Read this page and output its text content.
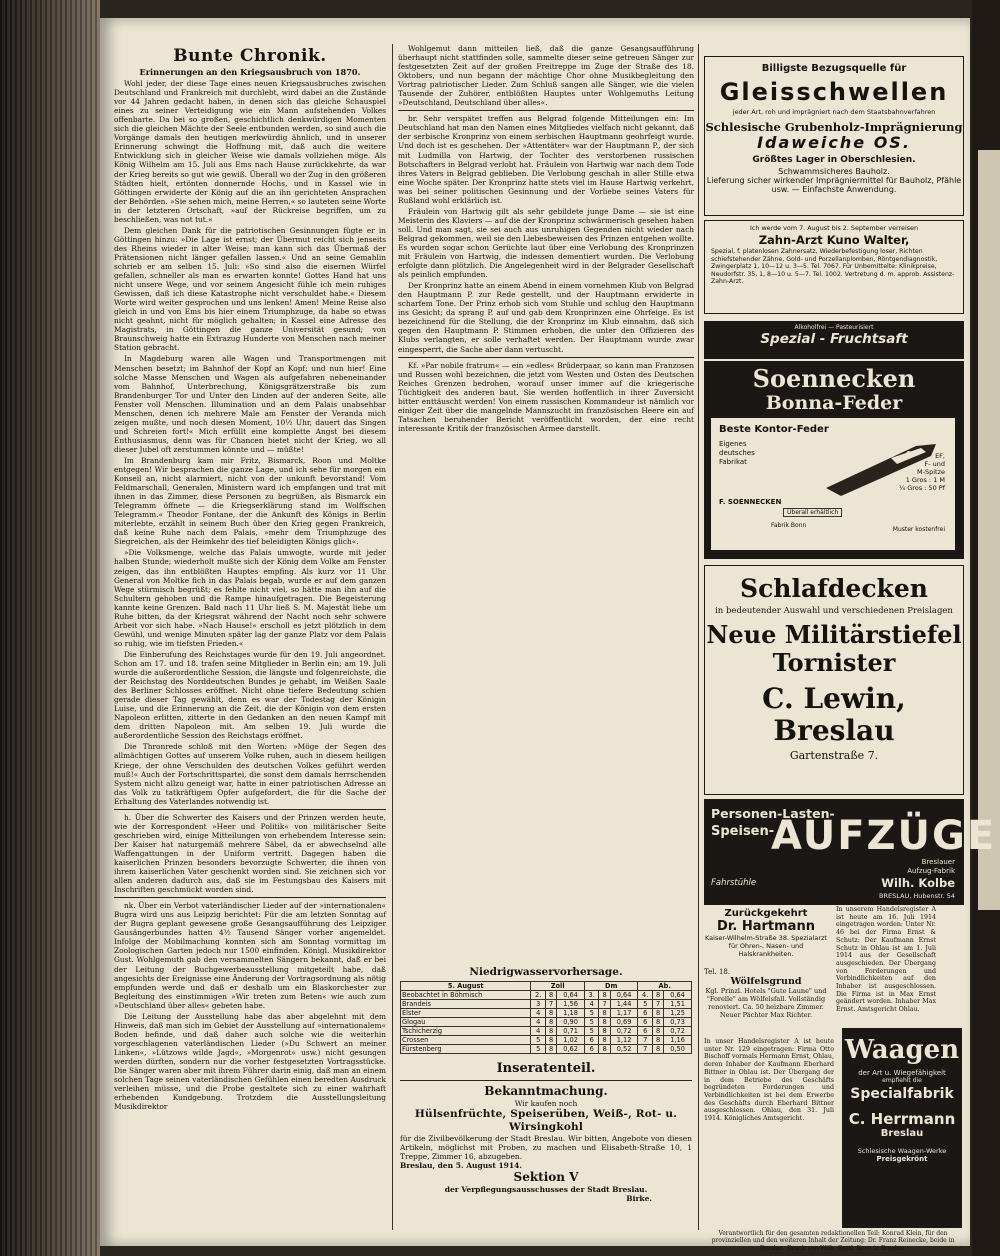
Bunte Chronik.
Erinnerungen an den Kriegsausbruch von 1870.

Wohl jeder, der diese Tage eines neuen Kriegsausbruches zwischen Deutschland und Frankreich mit durchlebt, wird dabei an die Zustände vor 44 Jahren gedacht haben, in denen sich das gleiche Schauspiel eines zu seiner Verteidigung wie ein Mann aufstehenden Volkes offenbarte. Da bei so großen, geschichtlich denkwürdigen Momenten sich die gleichen Mächte der Seele entbunden werden, so sind auch die Vorgänge damals den heutigen merkwürdig ähnlich, und in unserer Erinnerung schwingt die Hoffnung mit, daß auch die weitere Entwicklung sich in gleicher Weise wie damals vollziehen möge. Als König Wilhelm am 15. Juli aus Ems nach Hause zurückkehrte, da war der Krieg bereits so gut wie gewiß. Überall wo der Zug in den größeren Städten hielt, ertönten donnernde Hochs, und in Kassel wie in Göttingen erwiderte der König auf die an ihn gerichteten Ansprachen der Behörden. »Sie sehen mich, meine Herren,« so lauteten seine Worte in der letzteren Ortschaft, »auf der Rückreise begriffen, um zu beschließen, was not tut.«

Dem gleichen Dank für die patriotischen Gesinnungen fügte er in Göttingen hinzu: »Die Lage ist ernst; der Übermut reicht sich jenseits des Rheins wieder in alter Weise; man kann sich das Übermaß der Prätensionen nicht länger gefallen lassen.« Und an seine Gemahlin schrieb er am selben 15. Juli: »So sind also die eisernen Würfel gefallen, schneller als man es erwarten konnte! Gottes Hand hat uns nicht unsere Wege, und vor seinem Angesicht fühle ich mein ruhiges Gewissen, daß ich diese Katastrophe nicht verschuldet habe.« Diesem Worte wird weiter gesprochen und uns lenken! Amen! Meine Reise also gleich in und von Ems bis hier einem Triumphzuge, da habe so etwas nicht geahnt, nicht für möglich gehalten; in Kassel eine Adresse des Magistrats, in Göttingen die ganze Universität gesund; von Braunschweig hatte ein Extrazug Hunderte von Menschen nach meiner Station gebracht.

In Magdeburg waren alle Wagen und Transportmengen mit Menschen besetzt; im Bahnhof der Kopf an Kopf; und nun hier! Eine solche Masse Menschen und Wagen als aufgefahren nebeneinander vom Bahnhof, Unterbrechung, Königsgrätzerstraße bis zum Brandenburger Tor und Unter den Linden auf der anderen Seite, alle Fenster voll Menschen. Illumination und an dem Palais unabsehbar Menschen, denen ich mehrere Male am Fenster der Veranda mich zeigen mußte, und noch diesen Moment, 10½ Uhr, dauert das Singen und Schreien fort!« Mich erfüllt eine komplette Angst bei diesem Enthusiasmus, denn was für Chancen bietet nicht der Krieg, wo all dieser Jubel oft zerstummen könnte und — müßte!

Im Brandenburg kam mir Fritz, Bismarck, Roon und Moltke entgegen! Wir besprachen die ganze Lage, und ich sehe für morgen ein Konseil an, nicht alarmiert, nicht von der unkunft bevorstand! Vom Feldmarschall, Generalen, Ministern ward ich empfangen und trat mit ihnen in das Zimmer, diese Personen zu begrüßen, als Bismarck ein Telegramm öffnete — die Kriegserklärung stand im Wolffschen Telegramm.« Theodor Fontane, der die Ankunft des Königs in Berlin miterlebte, erzählt in seinem Buch über den Krieg gegen Frankreich, daß keine Ruhe nach dem Palais, »mehr dem Triumphzuge des Siegreichen, als der Heimkehr des tief beleidigten Königs glich«.

»Die Volksmenge, welche das Palais umwogte, wurde mit jeder halben Stunde; wiederholt mußte sich der König dem Volke am Fenster zeigen, das ihn entblößten Hauptes empfing. Als kurz vor 11 Uhr General von Moltke fich in das Palais begab, wurde er auf dem ganzen Wege stürmisch begrüßt; es fehlte nicht viel, so hätte man ihn auf die Schultern gehoben und die Rampe hinaufgetragen. Die Begeisterung kannte keine Grenzen. Bald nach 11 Uhr ließ S. M. Majestät liebe um Ruhe bitten, da der Kriegsrat während der Nacht noch sehr schwere Arbeit vor sich habe. »Nach Hause!« erscholl es jetzt plötzlich in dem Gewühl, und wenige Minuten später lag der ganze Platz vor dem Palais so ruhig, wie im tiefsten Frieden.«

Die Einberufung des Reichstages wurde für den 19. Juli angeordnet. Schon am 17. und 18. trafen seine Mitglieder in Berlin ein; am 19. Juli wurde die außerordentliche Session, die längste und folgenreichste, die der Reichstag des Norddeutschen Bundes je gehabt, im Weißen Saale des Berliner Schlosses eröffnet. Nicht ohne tiefere Bedeutung schien gerade dieser Tag gewählt, denn es war der Todestag der Königin Luise, und die Erinnerung an die Zeit, die der Königin von dem ersten Napoleon erlitten, zitterte in den Gedanken an den neuen Kampf mit dem dritten Napoleon mit. Am selben 19. Juli wurde die außerordentliche Session des Reichstags eröffnet.

Die Thronrede schloß mit den Worten: »Möge der Segen des allmächtigen Gottes auf unserem Volke ruhen, auch in diesem heiligen Kriege, der ohne Verschulden des deutschen Volkes geführt werden muß!« Auch der Fortschrittspartei, die sonst dem damals herrschenden System nicht allzu geneigt war, hatte in einer patriotischen Adresse an das Volk zu tatkräftigem Opfer aufgefordert, die für die Sache der Erhaltung des Vaterlandes notwendig ist.

h. Über die Schwerter des Kaisers und der Prinzen werden heute, wie der Korrespondent »Heer und Politik« von militärischer Seite geschrieben wird, einige Mitteilungen von erhebendem Interesse sein: Der Kaiser hat naturgemäß mehrere Säbel, da er abwechselnd alle Waffengattungen in der Uniform vertritt. Dagegen haben die kaiserlichen Prinzen besonders bevorzugte Schwerter, die ihnen von ihrem kaiserlichen Vater geschenkt worden sind. Sie zeichnen sich vor allen anderen dadurch aus, daß sie im Festungsbau des Kaisers mit Inschriften geschmückt worden sind.

nk. Über ein Verbot vaterländischer Lieder auf der »internationalen« Bugra wird uns aus Leipzig berichtet: Für die am letzten Sonntag auf der Bugra geplant gewesene große Gesangsaufführung des Leipziger Gausängerbundes hatten 4½ Tausend Sänger vorher angemeldet. Infolge der Mobilmachung konnten sich am Sonntag vormittag im Zoologischen Garten jedoch nur 1500 einfinden. Königl. Musikdirektor Gust. Wohlgemuth gab den versammelten Sängern bekannt, daß er bei der Leitung der Buchgewerbeausstellung mitgeteilt habe, daß angesichts der Ereignisse eine Änderung der Vortragsordnung als nötig empfunden werde und daß er deshalb um ein Blaskorchester zur Begleitung des einstimmigen »Wir treten zum Beten« wie auch zum »Deutschland über alles« gebeten habe.

Die Leitung der Ausstellung habe das aber abgelehnt mit dem Hinweis, daß man sich im Gebiet der Ausstellung auf »internationalem« Boden befinde, und daß daher auch solche wie die weiterhin vorgeschlagenen vaterländischen Lieder (»Du Schwert an meiner Linken«, »Lützows wilde Jagd«, »Morgenrot« usw.) nicht gesungen werden dürften, sondern nur die vorher festgesetzten Vortragsstücke. Die Sänger waren aber mit ihrem Führer darin einig, daß man an einem solchen Tage seinen vaterländischen Gefühlen einen beredten Ausdruck verleihen müsse, und die Probe gestaltete sich zu einer wahrhaft erhebenden Kundgebung. Trotzdem die Ausstellungsleitung Musikdirektor

Wohlgemut dann mitteilen ließ, daß die ganze Gesangsaufführung überhaupt nicht stattfinden solle, sammelte dieser seine getreuen Sänger zur festgesetzten Zeit auf der großen Freitreppe im Zuge der Straße des 18. Oktobers, und nun begann der mächtige Chor ohne Musikbegleitung den Vortrag patriotischer Lieder. Zum Schluß sangen alle Sänger, wie die vielen Tausende der Zuhörer, entblößten Hauptes unter Wohlgemuths Leitung »Deutschland, Deutschland über alles«.

br. Sehr verspätet treffen aus Belgrad folgende Mitteilungen ein: Im Deutschland hat man den Namen eines Mitgliedes vielfach nicht gekannt, daß der serbische Kronprinz von einem serbischen Hauptmann geohrfeigt wurde. Und doch ist es geschehen. Der »Attentäter« war der Hauptmann P., der sich mit Ludmilla von Hartwig, der Tochter des verstorbenen russischen Botschafters in Belgrad verlobt hat. Fräulein von Hartwig war nach dem Tode ihres Vaters in Belgrad geblieben. Die Verlobung geschah in aller Stille etwa eine Woche später. Der Kronprinz hatte stets viel im Hause Hartwig verkehrt, was bei seiner politischen Gesinnung und der Vorliebe seines Vaters für Rußland wohl erklärlich ist.

Fräulein von Hartwig gilt als sehr gebildete junge Dame — sie ist eine Meisterin des Klaviers — auf die der Kronprinz schwärmerisch gesehen haben soll. Und man sagt, sie sei auch aus unruhigen Gegenden nicht wieder nach Belgrad gekommen, weil sie den Liebesbeweisen des Prinzen entgehen wollte. Es wurden sogar schon Gerüchte laut über eine Verlobung des Kronprinzen mit Fräulein von Hartwig, die indessen dementiert wurden. Die Verlobung erfolgte dann plötzlich. Die Angelegenheit wird in der Belgrader Gesellschaft als peinlich empfunden.

Der Kronprinz hatte an einem Abend in einem vornehmen Klub von Belgrad den Hauptmann P. zur Rede gestellt, und der Hauptmann erwiderte in scharfem Tone. Der Prinz erhob sich vom Stuhle und schlug den Hauptmann ins Gesicht; da sprang P. auf und gab dem Kronprinzen eine Ohrfeige. Es ist bezeichnend für die Stellung, die der Kronprinz im Klub einnahm, daß sich gegen den Hauptmann P. Stimmen erhoben, die unter den Offizieren des Klubs verlangten, er solle verhaftet werden. Der Hauptmann wurde zwar eingesperrt, die Sache aber dann vertuscht.

Kf. »Par nobile fratrum« — ein »edles« Brüderpaar, so kann man Franzosen und Russen wohl bezeichnen, die jetzt vom Westen und Osten des Deutschen Reiches Grenzen bedrohen, worauf unser immer auf die kriegerische Tüchtigkeit des anderen baut. Sie werden hoffentlich in ihrer Zuversicht bitter enttäuscht werden! Von einem russischen Kommandeur ist nämlich vor einiger Zeit über die mangelnde Mannszucht im französischen Heere ein auf Tatsachen beruhender Bericht veröffentlicht worden, der eine recht interessante Kritik der französischen Armee darstellt.

Niedrigwasservorhersage.
5. August	Zoll			Dm			Ab.		
Beobachtet in Böhmisch	2.	8	0,64	3.	8	0,64	4.	8	0,64
Brandeis	3	7	1,56	4	7	1,44	5	7	1,51
Elster	4	8	1,18	5	8	1,17	6	8	1,25
Glogau	4	8	0,90	5	8	0,69	6	8	0,73
Tschicherzig	4	8	0,71	5	8	0,72	6	8	0,72
Crossen	5	8	1,02	6	8	1,12	7	8	1,16
Fürstenberg	5	8	0,62	6	8	0,52	7	8	0,50
Inseratenteil.
Bekanntmachung.
Wir kaufen noch
Hülsenfrüchte, Speiserüben, Weiß-, Rot- u. Wirsingkohl

für die Zivilbevölkerung der Stadt Breslau. Wir bitten, Angebote von diesen Artikeln, möglichst mit Proben, zu machen und Elisabeth-Straße 10, 1 Treppe, Zimmer 16, abzugeben.

Breslau, den 5. August 1914.
Sektion V
der Verpflegungsausschusses der Stadt Breslau.
Birke.
Billigste Bezugsquelle für
Gleisschwellen
jeder Art, roh und imprägniert nach dem Staatsbahnverfahren
Schlesische Grubenholz-Imprägnierung
Idaweiche OS.
Größtes Lager in Oberschlesien.
Schwammsicheres Bauholz.
Lieferung sicher wirkender Imprägniermittel für Bauholz, Pfähle usw. — Einfachste Anwendung.
Ich werde vom 7. August bis 2. September verreisen
Zahn-Arzt Kuno Walter,
Spezial, f. platenlosen Zahnersatz, Wiederbefestigung loser, Richten schiefstehender Zähne, Gold- und Porzellanplomben, Röntgendiagnostik, Zwingerplatz 1, 10—12 u. 3—5. Tel. 7067. Für Unbemittelte: Klinikpreise, Neudorfstr. 35, 1, 8—10 u. 5—7. Tel. 1002. Vertretung d. m. approb. Assistenz-Zahn-Arzt.
Alkoholfrei — Pasteurisiert
Spezial - Fruchtsaft
Soennecken
Bonna-Feder
Beste Kontor-Feder
Eigenes
deutsches
Fabrikat
EF,
F- und
M-Spitze
1 Gros : 1 M
¼ Gros : 50 Pf
F. SOENNECKEN
Überall erhältlich
Fabrik Bonn
Muster kostenfrei
Schlafdecken
in bedeutender Auswahl und verschiedenen Preislagen
Neue Militärstiefel
Tornister
C. Lewin, Breslau
Gartenstraße 7.
Personen-Lasten-
Speisen-
AUFZÜGE
Fahrstühle
Breslauer
Aufzug-Fabrik
Wilh. Kolbe
BRESLAU, Hubenstr. 54
Zurückgekehrt
Dr. Hartmann
Kaiser-Wilhelm-Straße 38. Spezialarzt für Ohren-, Nasen- und Halskrankheiten.
Tel. 18.
Wölfelsgrund
Kgl. Prinzl. Hotels "Gute Laune" und "Forelle" am Wölfelsfall. Vollständig renoviert. Ca. 50 heizbare Zimmer. Neuer Pächter Max Richter.
In unserem Handelsregister A ist heute am 16. Juli 1914 eingetragen worden: Unter Nr. 46 bei der Firma Ernst & Schutz: Der Kaufmann Ernst Schutz in Ohlau ist am 1. Juli 1914 aus der Gesellschaft ausgeschieden. Der Übergang von Forderungen und Verbindlichkeiten auf den Inhaber ist ausgeschlossen. Die Firma ist in Max Ernst geändert worden. Inhaber Max Ernst. Amtsgericht Ohlau.
In unser Handelsregister A ist heute unter Nr. 129 eingetragen: Firma Otto Bischoff vormals Hermann Ernst, Ohlau, deren Inhaber der Kaufmann Eberhard Bittner in Ohlau ist. Der Übergang der in dem Betriebe des Geschäfts begründeten Forderungen und Verbindlichkeiten ist bei dem Erwerbe des Geschäfts durch Eberhard Bittner ausgeschlossen. Ohlau, den 31. Juli 1914. Königliches Amtsgericht.
Waagen
der Art u. Wiegefähigkeit
empfiehlt die
Specialfabrik
C. Herrmann
Breslau
Schlesische Waagen-Werke
Preisgekrönt
Verantwortlich für den gesamten redaktionellen Teil: Konrad Klein, für den provinziellen und den weiteren Inhalt der Zeitung: Dr. Franz Reinecke, beide in Breslau. Druck von Wilh. Gottl. Korn in Breslau.
